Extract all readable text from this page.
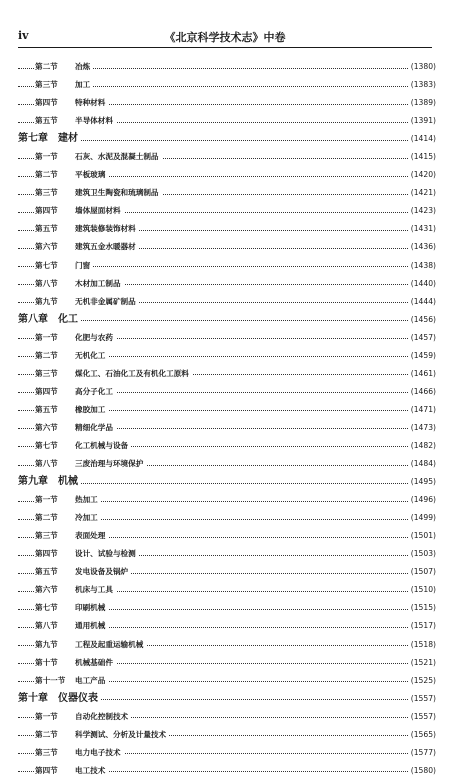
iv	《北京科学技术志》中卷
第二节 冶炼	(1380)
第三节 加工	(1383)
第四节 特种材料	(1389)
第五节 半导体材料	(1391)
第七章 建材	(1414)
第一节 石灰、水泥及混凝土制品	(1415)
第二节 平板玻璃	(1420)
第三节 建筑卫生陶瓷和琉璃制品	(1421)
第四节 墙体屋面材料	(1423)
第五节 建筑装修装饰材料	(1431)
第六节 建筑五金水暖器材	(1436)
第七节 门窗	(1438)
第八节 木材加工制品	(1440)
第九节 无机非金属矿制品	(1444)
第八章 化工	(1456)
第一节 化肥与农药	(1457)
第二节 无机化工	(1459)
第三节 煤化工、石油化工及有机化工原料	(1461)
第四节 高分子化工	(1466)
第五节 橡胶加工	(1471)
第六节 精细化学品	(1473)
第七节 化工机械与设备	(1482)
第八节 三废治理与环境保护	(1484)
第九章 机械	(1495)
第一节 热加工	(1496)
第二节 冷加工	(1499)
第三节 表面处理	(1501)
第四节 设计、试验与检测	(1503)
第五节 发电设备及锅炉	(1507)
第六节 机床与工具	(1510)
第七节 印刷机械	(1515)
第八节 通用机械	(1517)
第九节 工程及起重运输机械	(1518)
第十节 机械基础件	(1521)
第十一节 电工产品	(1525)
第十章 仪器仪表	(1557)
第一节 自动化控制技术	(1557)
第二节 科学测试、分析及计量技术	(1565)
第三节 电力电子技术	(1577)
第四节 电工技术	(1580)
